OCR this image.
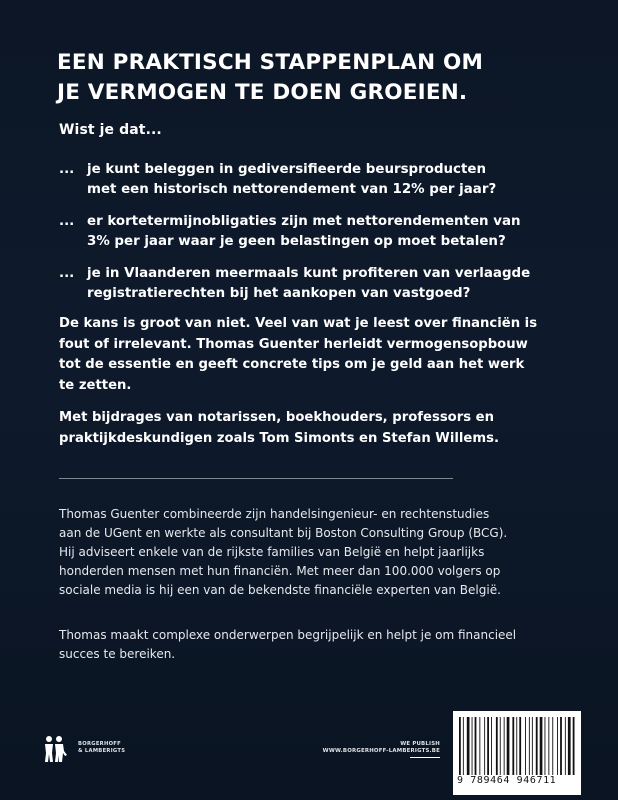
EEN PRAKTISCH STAPPENPLAN OM
JE VERMOGEN TE DOEN GROEIEN.
Wist je dat...
... je kunt beleggen in gediversifieerde beursproducten
met een historisch nettorendement van 12% per jaar?
... er kortetermijnobligaties zijn met nettorendementen van
3% per jaar waar je geen belastingen op moet betalen?
... je in Vlaanderen meermaals kunt profiteren van verlaagde
registratierechten bij het aankopen van vastgoed?
De kans is groot van niet. Veel van wat je leest over financiën is
fout of irrelevant. Thomas Guenter herleidt vermogensopbouw
tot de essentie en geeft concrete tips om je geld aan het werk
te zetten.
Met bijdrages van notarissen, boekhouders, professors en
praktijkdeskundigen zoals Tom Simonts en Stefan Willems.
Thomas Guenter combineerde zijn handelsingenieur- en rechtenstudies
aan de UGent en werkte als consultant bij Boston Consulting Group (BCG).
Hij adviseert enkele van de rijkste families van België en helpt jaarlijks
honderden mensen met hun financiën. Met meer dan 100.000 volgers op
sociale media is hij een van de bekendste financiële experten van België.
Thomas maakt complexe onderwerpen begrijpelijk en helpt je om financieel
succes te bereiken.
BORGERHOFF
& LAMBERIGTS
WE PUBLISH
WWW.BORGERHOFF-LAMBERIGTS.BE
9 789464 946711
